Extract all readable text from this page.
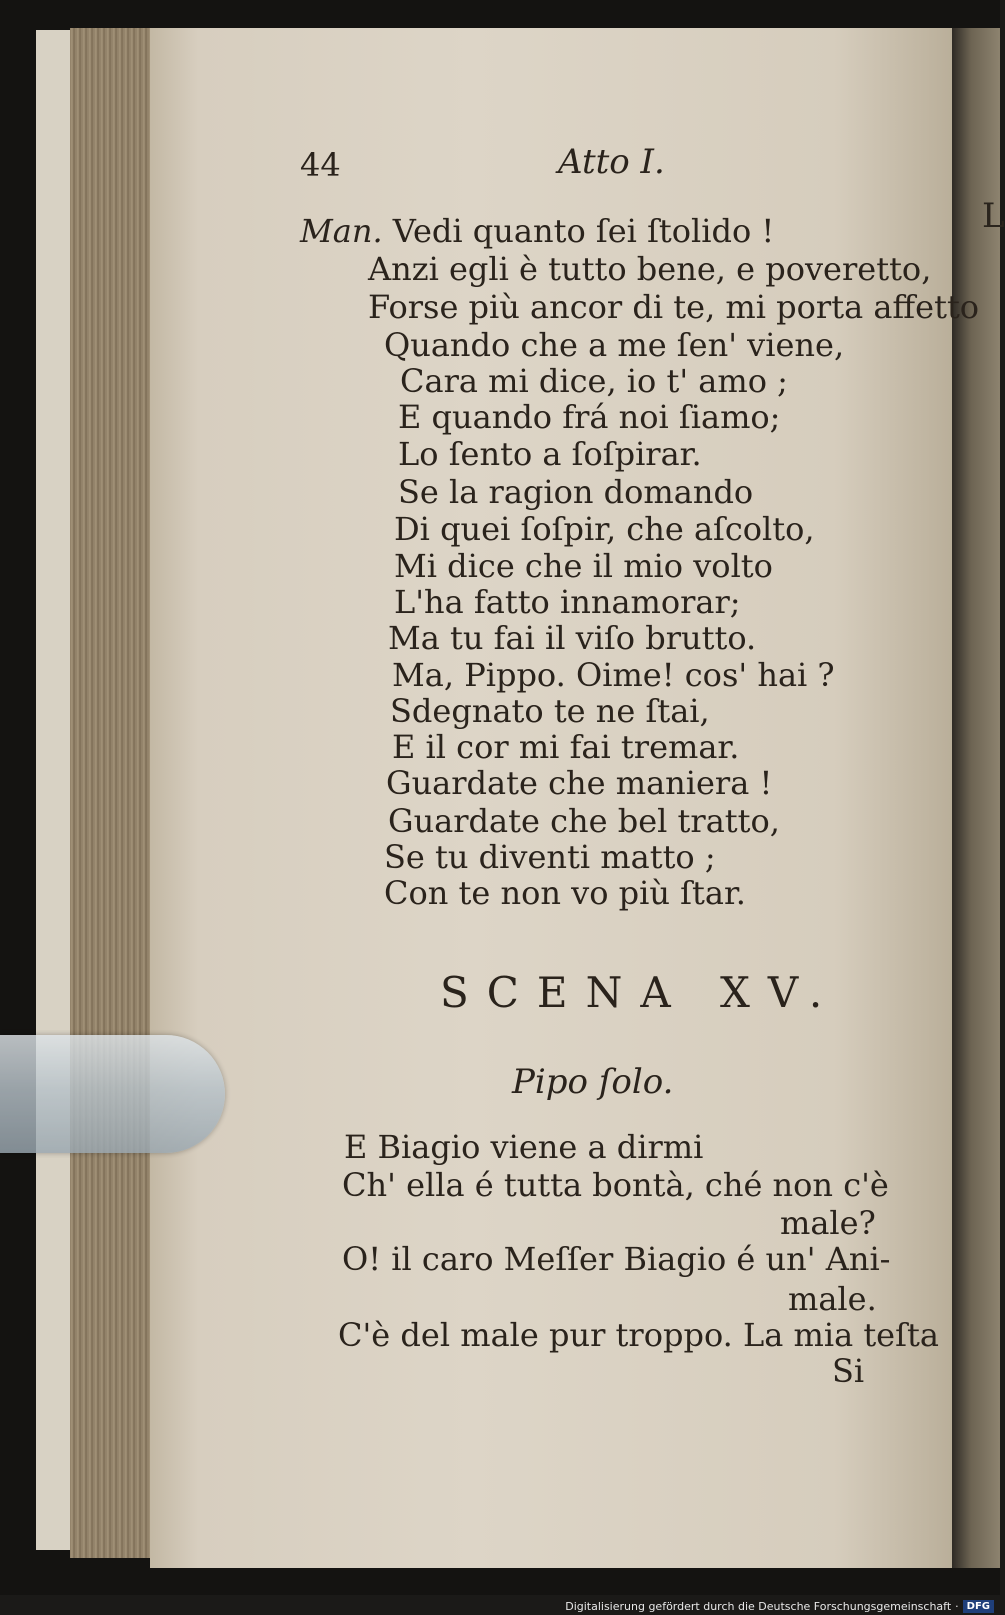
L
44	Atto I.
Man. Vedi quanto ſei ſtolido !
Anzi egli è tutto bene, e poveretto,
Forse più ancor di te, mi porta affetto
Quando che a me ſen' viene,
Cara mi dice, io t' amo ;
E quando frá noi ſiamo;
Lo ſento a ſoſpirar.
Se la ragion domando
Di quei ſoſpir, che aſcolto,
Mi dice che il mio volto
L'ha fatto innamorar;
Ma tu fai il viſo brutto.
Ma, Pippo. Oime! cos' hai ?
Sdegnato te ne ſtai,
E il cor mi fai tremar.
Guardate che maniera !
Guardate che bel tratto,
Se tu diventi matto ;
Con te non vo più ſtar.
SCENA XV.
Pipo ſolo.
E Biagio viene a dirmi
Ch' ella é tutta bontà, ché non c'è
male?
O! il caro Meſſer Biagio é un' Ani-
male.
C'è del male pur troppo. La mia teſta
Si
Digitalisierung gefördert durch die Deutsche Forschungsgemeinschaft · DFG
